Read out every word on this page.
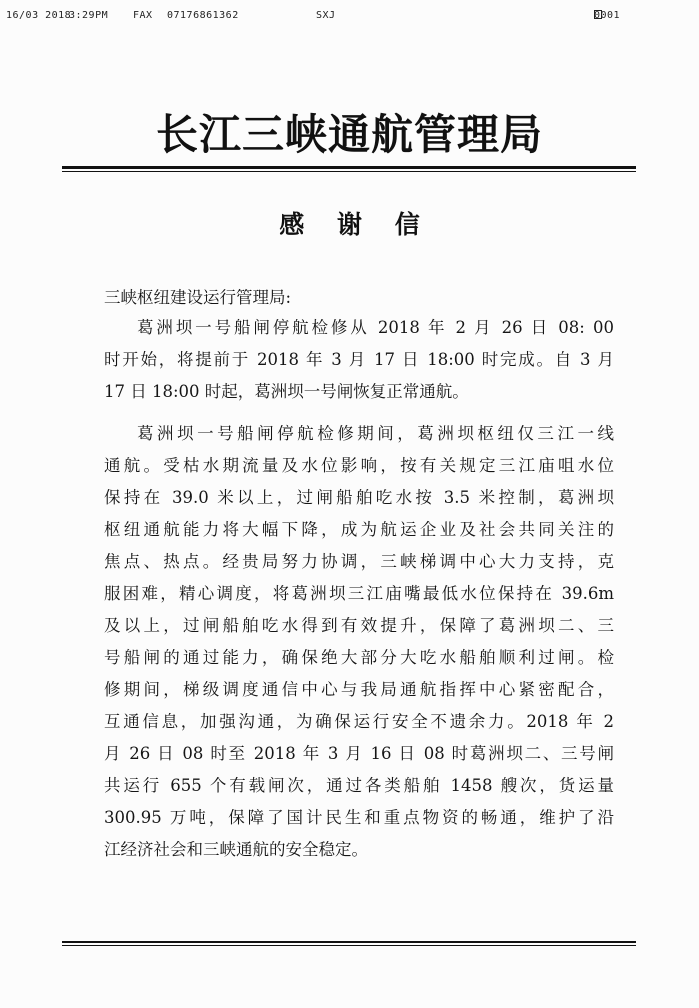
16/03 2018
3:29PM FAX 07176861362	SXJ	0001
长江三峡通航管理局
感 谢 信
三峡枢纽建设运行管理局:
葛洲坝一号船闸停航检修从 2018 年 2 月 26 日 08: 00
时开始，将提前于 2018 年 3 月 17 日 18:00 时完成。自 3 月
17 日 18:00 时起，葛洲坝一号闸恢复正常通航。
葛洲坝一号船闸停航检修期间，葛洲坝枢纽仅三江一线
通航。受枯水期流量及水位影响，按有关规定三江庙咀水位
保持在 39.0 米以上，过闸船舶吃水按 3.5 米控制，葛洲坝
枢纽通航能力将大幅下降，成为航运企业及社会共同关注的
焦点、热点。经贵局努力协调，三峡梯调中心大力支持，克
服困难，精心调度，将葛洲坝三江庙嘴最低水位保持在 39.6m
及以上，过闸船舶吃水得到有效提升，保障了葛洲坝二、三
号船闸的通过能力，确保绝大部分大吃水船舶顺利过闸。检
修期间，梯级调度通信中心与我局通航指挥中心紧密配合，
互通信息，加强沟通，为确保运行安全不遗余力。2018 年 2
月 26 日 08 时至 2018 年 3 月 16 日 08 时葛洲坝二、三号闸
共运行 655 个有载闸次，通过各类船舶 1458 艘次，货运量
300.95 万吨，保障了国计民生和重点物资的畅通，维护了沿
江经济社会和三峡通航的安全稳定。
